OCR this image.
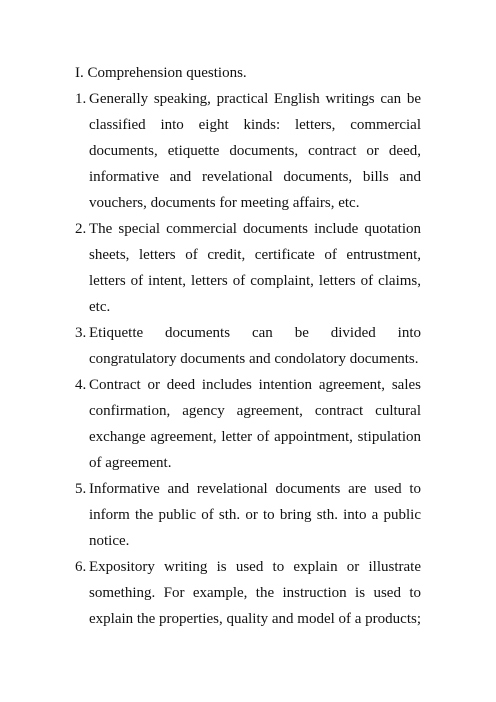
I. Comprehension questions.

1. Generally speaking, practical English writings can be classified into eight kinds: letters, commercial documents, etiquette documents, contract or deed, informative and revelational documents, bills and vouchers, documents for meeting affairs, etc.

2. The special commercial documents include quotation sheets, letters of credit, certificate of entrustment, letters of intent, letters of complaint, letters of claims, etc.

3. Etiquette documents can be divided into congratulatory documents and condolatory documents.

4. Contract or deed includes intention agreement, sales confirmation, agency agreement, contract cultural exchange agreement, letter of appointment, stipulation of agreement.

5. Informative and revelational documents are used to inform the public of sth. or to bring sth. into a public notice.

6. Expository writing is used to explain or illustrate something. For example, the instruction is used to explain the properties, quality and model of a products;
